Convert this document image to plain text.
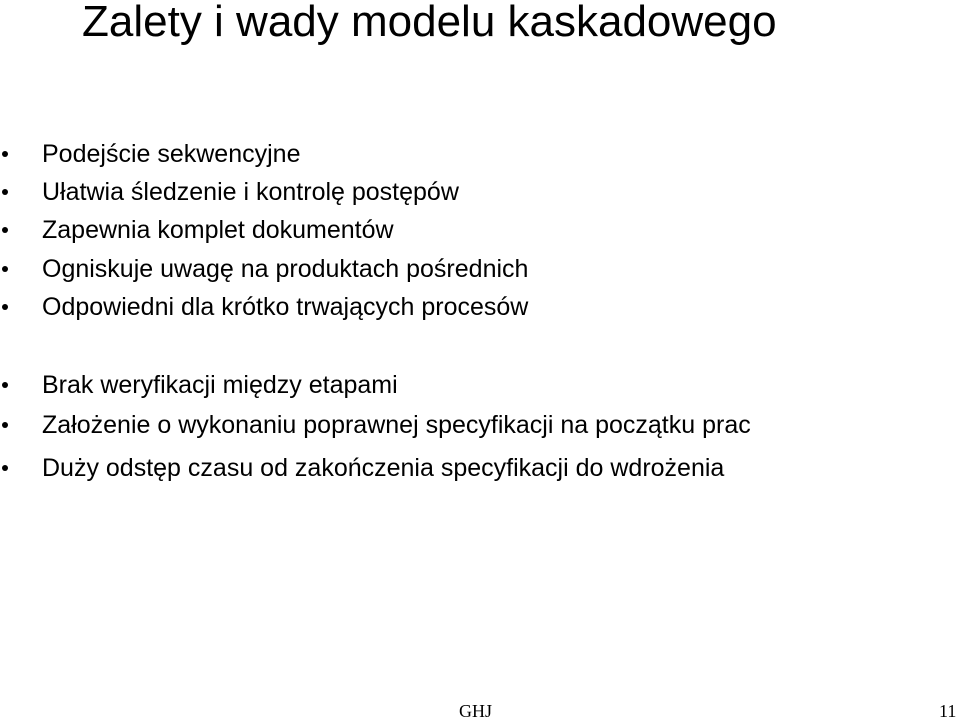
Zalety i wady modelu kaskadowego
Podejście sekwencyjne
Ułatwia śledzenie i kontrolę postępów
Zapewnia komplet dokumentów
Ogniskuje uwagę na produktach pośrednich
Odpowiedni dla krótko trwających procesów
Brak weryfikacji między etapami
Założenie o wykonaniu poprawnej specyfikacji na początku prac
Duży odstęp czasu od zakończenia specyfikacji do wdrożenia
GHJ	11
